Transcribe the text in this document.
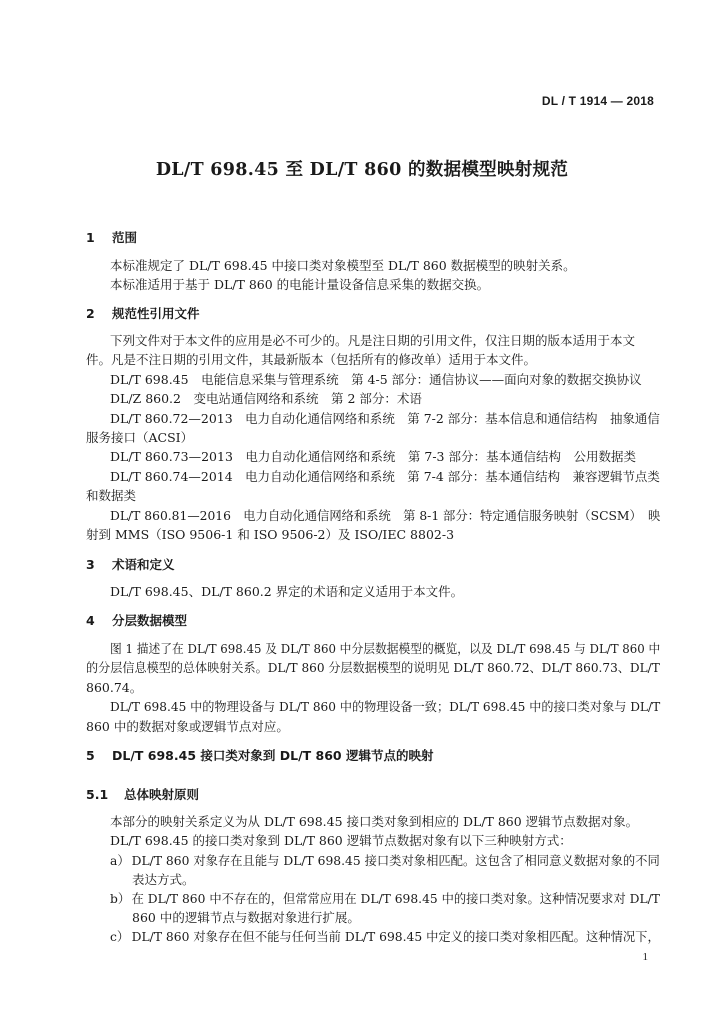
DL / T 1914 — 2018
DL/T 698.45 至 DL/T 860 的数据模型映射规范
1 范围

本标准规定了 DL/T 698.45 中接口类对象模型至 DL/T 860 数据模型的映射关系。

本标准适用于基于 DL/T 860 的电能计量设备信息采集的数据交换。

2 规范性引用文件

下列文件对于本文件的应用是必不可少的。凡是注日期的引用文件，仅注日期的版本适用于本文

件。凡是不注日期的引用文件，其最新版本（包括所有的修改单）适用于本文件。

DL/T 698.45　电能信息采集与管理系统　第 4-5 部分：通信协议——面向对象的数据交换协议

DL/Z 860.2　变电站通信网络和系统　第 2 部分：术语

DL/T 860.72—2013　电力自动化通信网络和系统　第 7-2 部分：基本信息和通信结构　抽象通信

服务接口（ACSI）

DL/T 860.73—2013　电力自动化通信网络和系统　第 7-3 部分：基本通信结构　公用数据类

DL/T 860.74—2014　电力自动化通信网络和系统　第 7-4 部分：基本通信结构　兼容逻辑节点类

和数据类

DL/T 860.81—2016　电力自动化通信网络和系统　第 8-1 部分：特定通信服务映射（SCSM）　映

射到 MMS（ISO 9506-1 和 ISO 9506-2）及 ISO/IEC 8802-3

3 术语和定义

DL/T 698.45、DL/T 860.2 界定的术语和定义适用于本文件。

4 分层数据模型

图 1 描述了在 DL/T 698.45 及 DL/T 860 中分层数据模型的概览，以及 DL/T 698.45 与 DL/T 860 中

的分层信息模型的总体映射关系。DL/T 860 分层数据模型的说明见 DL/T 860.72、DL/T 860.73、DL/T

860.74。

DL/T 698.45 中的物理设备与 DL/T 860 中的物理设备一致；DL/T 698.45 中的接口类对象与 DL/T

860 中的数据对象或逻辑节点对应。

5 DL/T 698.45 接口类对象到 DL/T 860 逻辑节点的映射
5.1 总体映射原则

本部分的映射关系定义为从 DL/T 698.45 接口类对象到相应的 DL/T 860 逻辑节点数据对象。

DL/T 698.45 的接口类对象到 DL/T 860 逻辑节点数据对象有以下三种映射方式：

a） DL/T 860 对象存在且能与 DL/T 698.45 接口类对象相匹配。这包含了相同意义数据对象的不同

表达方式。

b）在 DL/T 860 中不存在的，但常常应用在 DL/T 698.45 中的接口类对象。这种情况要求对 DL/T

860 中的逻辑节点与数据对象进行扩展。

c） DL/T 860 对象存在但不能与任何当前 DL/T 698.45 中定义的接口类对象相匹配。这种情况下，
1
